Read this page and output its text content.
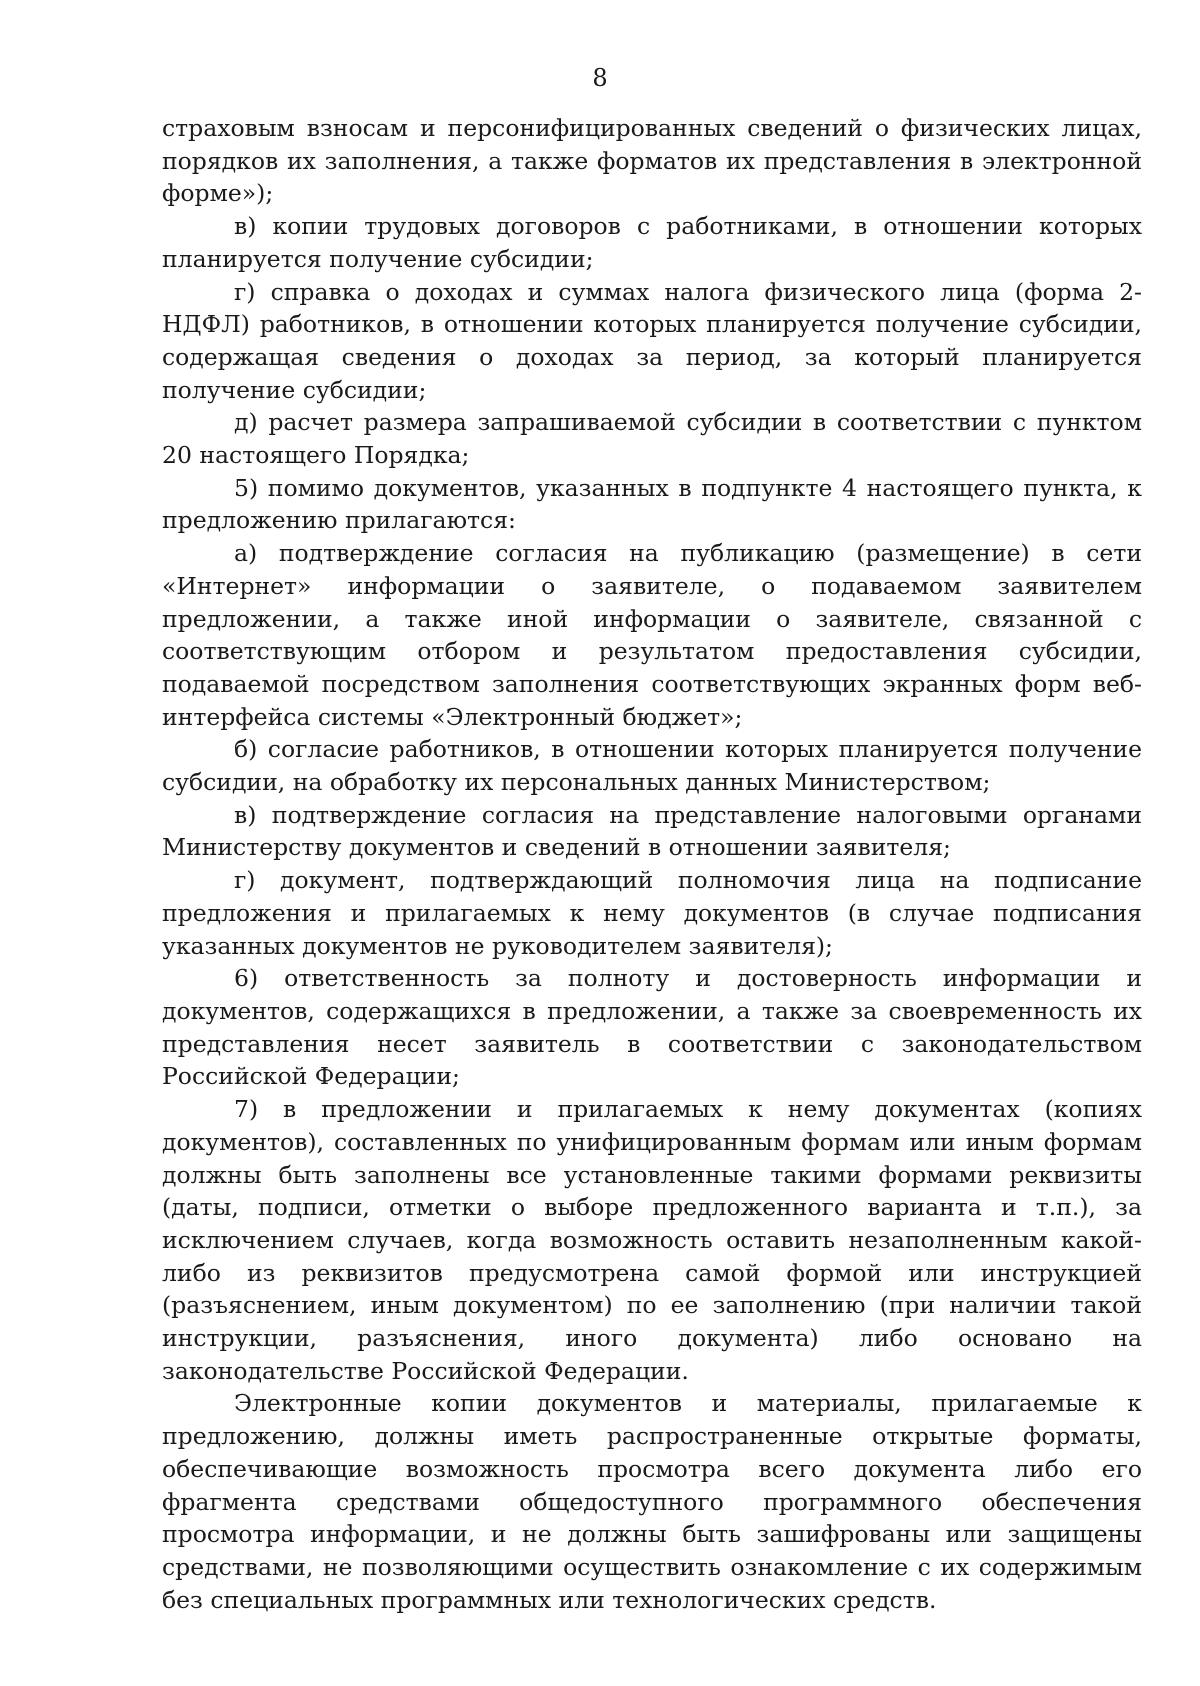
8

страховым взносам и персонифицированных сведений о физических лицах, порядков их заполнения, а также форматов их представления в электронной форме»);

в) копии трудовых договоров с работниками, в отношении которых планируется получение субсидии;

г) справка о доходах и суммах налога физического лица (форма 2-НДФЛ) работников, в отношении которых планируется получение субсидии, содержащая сведения о доходах за период, за который планируется получение субсидии;

д) расчет размера запрашиваемой субсидии в соответствии с пунктом 20 настоящего Порядка;

5) помимо документов, указанных в подпункте 4 настоящего пункта, к предложению прилагаются:

а) подтверждение согласия на публикацию (размещение) в сети «Интернет» информации о заявителе, о подаваемом заявителем предложении, а также иной информации о заявителе, связанной с соответствующим отбором и результатом предоставления субсидии, подаваемой посредством заполнения соответствующих экранных форм веб-интерфейса системы «Электронный бюджет»;

б) согласие работников, в отношении которых планируется получение субсидии, на обработку их персональных данных Министерством;

в) подтверждение согласия на представление налоговыми органами Министерству документов и сведений в отношении заявителя;

г) документ, подтверждающий полномочия лица на подписание предложения и прилагаемых к нему документов (в случае подписания указанных документов не руководителем заявителя);

6) ответственность за полноту и достоверность информации и документов, содержащихся в предложении, а также за своевременность их представления несет заявитель в соответствии с законодательством Российской Федерации;

7) в предложении и прилагаемых к нему документах (копиях документов), составленных по унифицированным формам или иным формам должны быть заполнены все установленные такими формами реквизиты (даты, подписи, отметки о выборе предложенного варианта и т.п.), за исключением случаев, когда возможность оставить незаполненным какой-либо из реквизитов предусмотрена самой формой или инструкцией (разъяснением, иным документом) по ее заполнению (при наличии такой инструкции, разъяснения, иного документа) либо основано на законодательстве Российской Федерации.

Электронные копии документов и материалы, прилагаемые к предложению, должны иметь распространенные открытые форматы, обеспечивающие возможность просмотра всего документа либо его фрагмента средствами общедоступного программного обеспечения просмотра информации, и не должны быть зашифрованы или защищены средствами, не позволяющими осуществить ознакомление с их содержимым без специальных программных или технологических средств.
